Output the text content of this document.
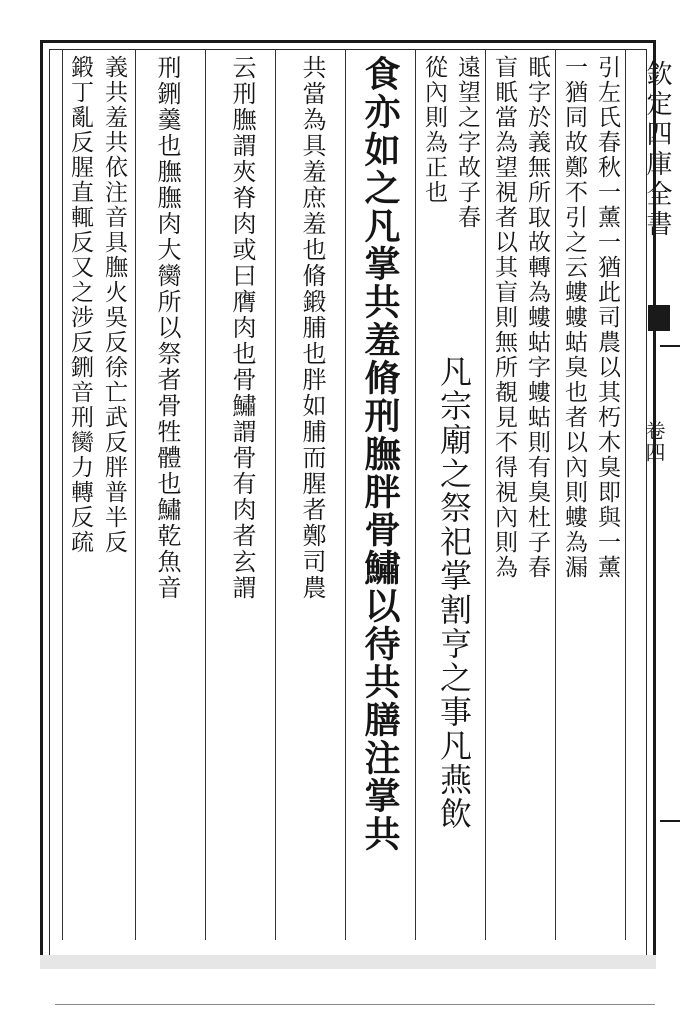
欽定四庫全書
卷四
引左氏春秋一薰一猶此司農以其朽木臭即與一薰
一猶同故鄭不引之云螻螻蛄臭也者以內則螻為漏
眂字於義無所取故轉為螻蛄字螻蛄則有臭杜子春
盲眂當為望視者以其盲則無所覩見不得視內則為
遠望之字故子春
凡宗廟之祭祀掌割亨之事凡燕飲
從內則為正也
食亦如之凡掌共羞脩刑膴胖骨鱐以待共膳注掌共
共當為具羞庶羞也脩鍛脯也胖如脯而腥者鄭司農
云刑膴謂夾脊肉或曰膺肉也骨鱐謂骨有肉者玄謂
刑鉶羹也膴膴肉大臠所以祭者骨牲體也鱐乾魚音
義共羞共依注音具膴火吳反徐亡武反胖普半反
鍛丁亂反腥直輒反又之涉反鉶音刑臠力轉反疏
